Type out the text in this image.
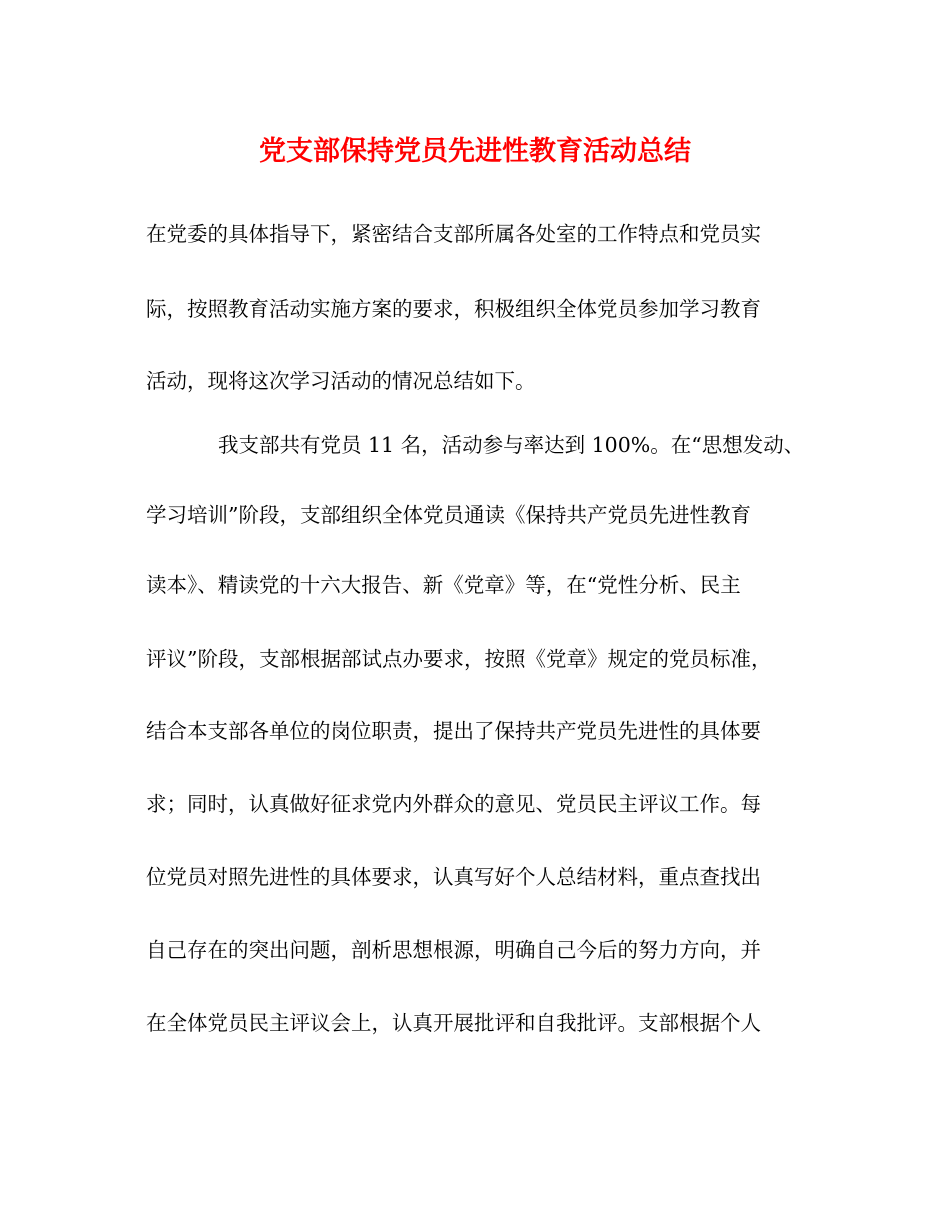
党支部保持党员先进性教育活动总结
在党委的具体指导下，紧密结合支部所属各处室的工作特点和党员实
际，按照教育活动实施方案的要求，积极组织全体党员参加学习教育
活动，现将这次学习活动的情况总结如下。
我支部共有党员 11 名，活动参与率达到 100%。在“思想发动、
学习培训”阶段，支部组织全体党员通读《保持共产党员先进性教育
读本》、精读党的十六大报告、新《党章》等，在“党性分析、民主
评议”阶段，支部根据部试点办要求，按照《党章》规定的党员标准，
结合本支部各单位的岗位职责，提出了保持共产党员先进性的具体要
求；同时，认真做好征求党内外群众的意见、党员民主评议工作。每
位党员对照先进性的具体要求，认真写好个人总结材料，重点查找出
自己存在的突出问题，剖析思想根源，明确自己今后的努力方向，并
在全体党员民主评议会上，认真开展批评和自我批评。支部根据个人
